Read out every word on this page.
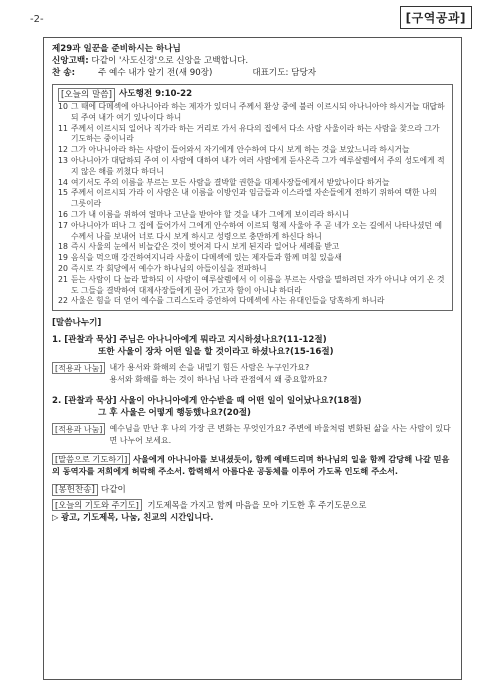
-2-	[구역공과]
제29과 일꾼을 준비하시는 하나님
신앙고백: 다같이 '사도신경'으로 신앙을 고백합니다.
찬 송:	주 예수 내가 알기 전(새 90장)	대표기도: 담당자
[오늘의 말씀] 사도행전 9:10-22
10 그 때에 다메섹에 아나니아라 하는 제자가 있더니 주께서 환상 중에 불러 이르시되 아나니아야 하시거늘 대답하되 주여 내가 여기 있나이다 하니
11 주께서 이르시되 일어나 직가라 하는 거리로 가서 유다의 집에서 다소 사람 사울이라 하는 사람을 찾으라 그가 기도하는 중이니라
12 그가 아나니아라 하는 사람이 들어와서 자기에게 안수하여 다시 보게 하는 것을 보았느니라 하시거늘
13 아나니아가 대답하되 주여 이 사람에 대하여 내가 여러 사람에게 듣사온즉 그가 예루살렘에서 주의 성도에게 적지 않은 해를 끼쳤다 하더니
14 여기서도 주의 이름을 부르는 모든 사람을 결박할 권한을 대제사장들에게서 받았나이다 하거늘
15 주께서 이르시되 가라 이 사람은 내 이름을 이방인과 임금들과 이스라엘 자손들에게 전하기 위하여 택한 나의 그릇이라
16 그가 내 이름을 위하여 얼마나 고난을 받아야 할 것을 내가 그에게 보이리라 하시니
17 아나니아가 떠나 그 집에 들어가서 그에게 안수하여 이르되 형제 사울아 주 곧 네가 오는 길에서 나타나셨던 예수께서 나를 보내어 너로 다시 보게 하시고 성령으로 충만하게 하신다 하니
18 즉시 사울의 눈에서 비늘같은 것이 벗어져 다시 보게 된지라 일어나 세례를 받고
19 음식을 먹으매 강건하여지니라 사울이 다메섹에 있는 제자들과 함께 며칠 있을새
20 즉시로 각 회당에서 예수가 하나님의 아들이심을 전파하니
21 듣는 사람이 다 놀라 말하되 이 사람이 예루살렘에서 이 이름을 부르는 사람을 멸하려던 자가 아니냐 여기 온 것도 그들을 결박하여 대제사장들에게 끌어 가고자 함이 아니냐 하더라
22 사울은 힘을 더 얻어 예수를 그리스도라 증언하여 다메섹에 사는 유대인들을 당혹하게 하니라
[말씀나누기]
1. [관찰과 묵상] 주님은 아나니아에게 뭐라고 지시하셨나요?(11-12절)
또한 사울이 장차 어떤 일을 할 것이라고 하셨나요?(15-16절)
[적용과 나눔] 내가 용서와 화해의 손을 내밀기 힘든 사람은 누구인가요?
용서와 화해를 하는 것이 하나님 나라 관점에서 왜 중요할까요?
2. [관찰과 묵상] 사울이 아나니아에게 안수받을 때 어떤 일이 일어났나요?(18절)
그 후 사울은 어떻게 행동했나요?(20절)
[적용과 나눔] 예수님을 만난 후 나의 가장 큰 변화는 무엇인가요? 주변에 바울처럼 변화된 삶을 사는 사람이 있다면 나누어 보세요.
[말씀으로 기도하기] 사울에게 아나니아를 보내셨듯이, 함께 예배드리며 하나님의 일을 함께 감당해 나갈 믿음의 동역자를 저희에게 허락해 주소서. 합력해서 아름다운 공동체를 이루어 가도록 인도해 주소서.
[봉헌찬송] 다같이
[오늘의 기도와 주기도] 기도제목을 가지고 함께 마음을 모아 기도한 후 주기도문으로
▷ 광고, 기도제목, 나눔, 친교의 시간입니다.
